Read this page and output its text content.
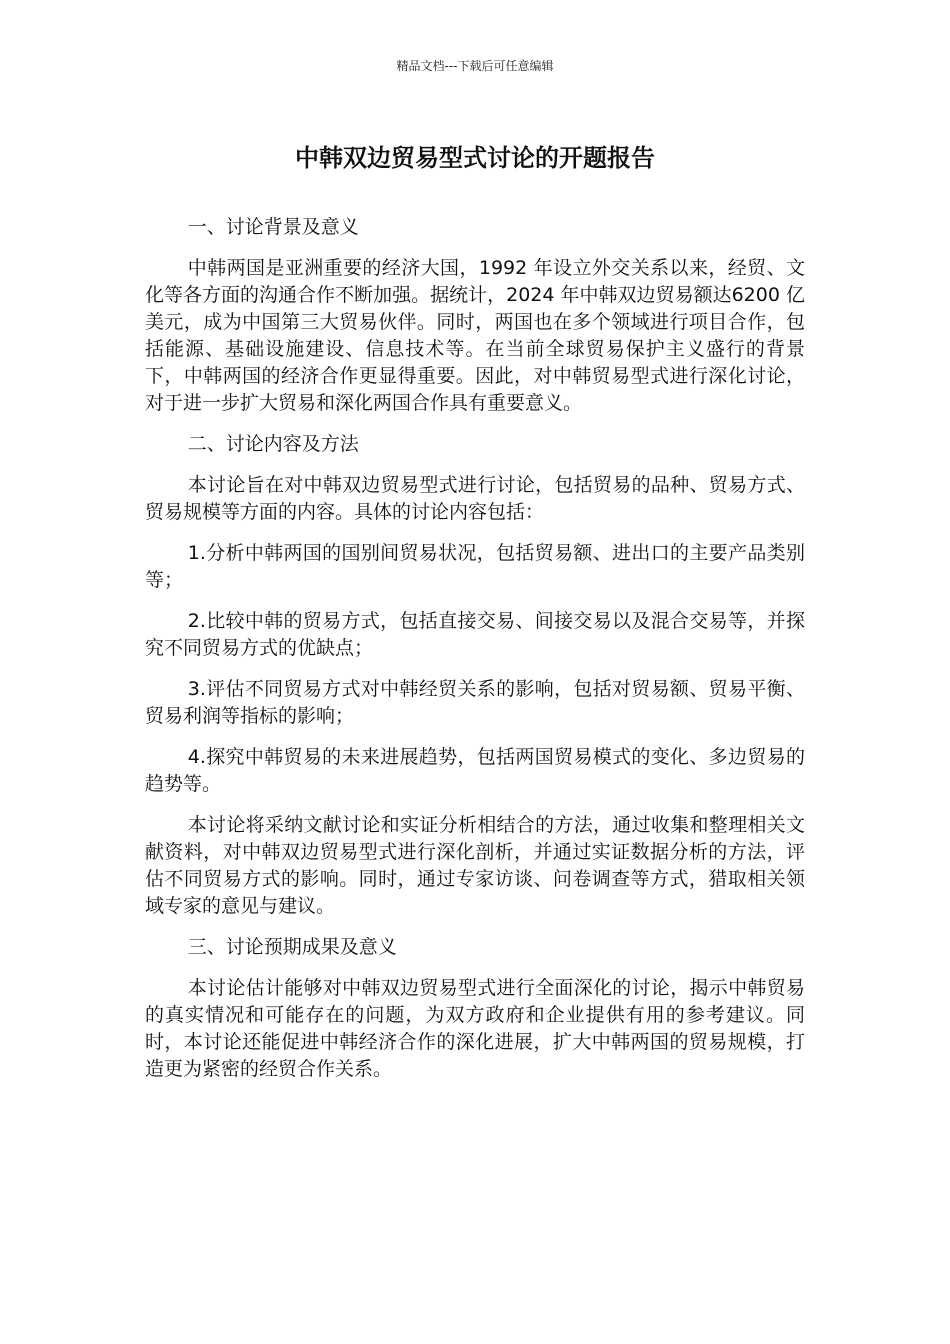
精品文档---下载后可任意编辑
中韩双边贸易型式讨论的开题报告

一、讨论背景及意义

中韩两国是亚洲重要的经济大国，1992 年设立外交关系以来，经贸、文化等各方面的沟通合作不断加强。据统计，2024 年中韩双边贸易额达6200 亿美元，成为中国第三大贸易伙伴。同时，两国也在多个领域进行项目合作，包括能源、基础设施建设、信息技术等。在当前全球贸易保护主义盛行的背景下，中韩两国的经济合作更显得重要。因此，对中韩贸易型式进行深化讨论，对于进一步扩大贸易和深化两国合作具有重要意义。

二、讨论内容及方法

本讨论旨在对中韩双边贸易型式进行讨论，包括贸易的品种、贸易方式、贸易规模等方面的内容。具体的讨论内容包括：

1.分析中韩两国的国别间贸易状况，包括贸易额、进出口的主要产品类别等；

2.比较中韩的贸易方式，包括直接交易、间接交易以及混合交易等，并探究不同贸易方式的优缺点；

3.评估不同贸易方式对中韩经贸关系的影响，包括对贸易额、贸易平衡、贸易利润等指标的影响；

4.探究中韩贸易的未来进展趋势，包括两国贸易模式的变化、多边贸易的趋势等。

本讨论将采纳文献讨论和实证分析相结合的方法，通过收集和整理相关文献资料，对中韩双边贸易型式进行深化剖析，并通过实证数据分析的方法，评估不同贸易方式的影响。同时，通过专家访谈、问卷调查等方式，猎取相关领域专家的意见与建议。

三、讨论预期成果及意义

本讨论估计能够对中韩双边贸易型式进行全面深化的讨论，揭示中韩贸易的真实情况和可能存在的问题，为双方政府和企业提供有用的参考建议。同时，本讨论还能促进中韩经济合作的深化进展，扩大中韩两国的贸易规模，打造更为紧密的经贸合作关系。
